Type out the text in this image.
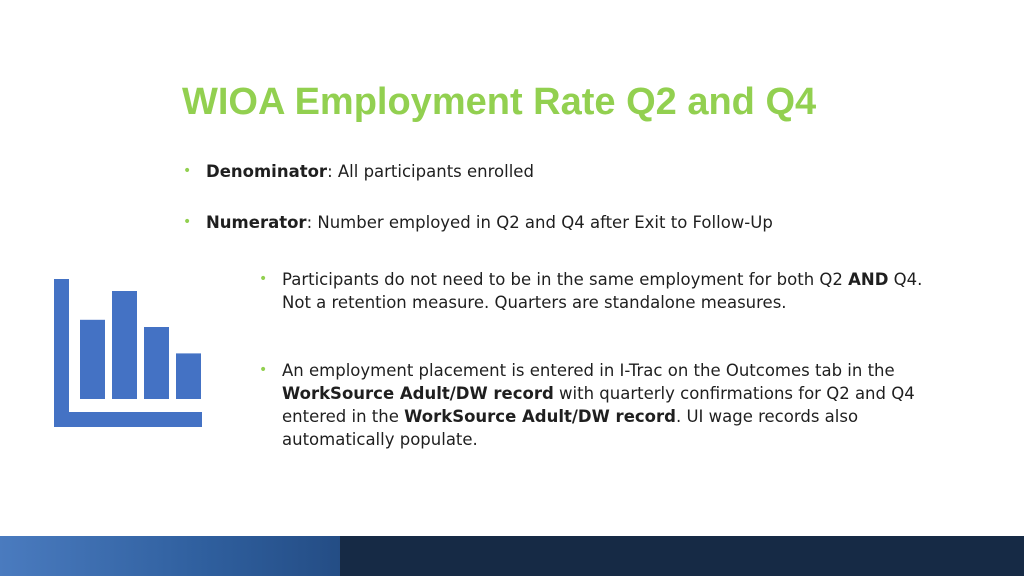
WIOA Employment Rate Q2 and Q4
• Denominator: All participants enrolled
• Numerator: Number employed in Q2 and Q4 after Exit to Follow-Up
• Participants do not need to be in the same employment for both Q2 AND Q4. Not a retention measure. Quarters are standalone measures.
• An employment placement is entered in I-Trac on the Outcomes tab in the WorkSource Adult/DW record with quarterly confirmations for Q2 and Q4 entered in the WorkSource Adult/DW record. UI wage records also automatically populate.
